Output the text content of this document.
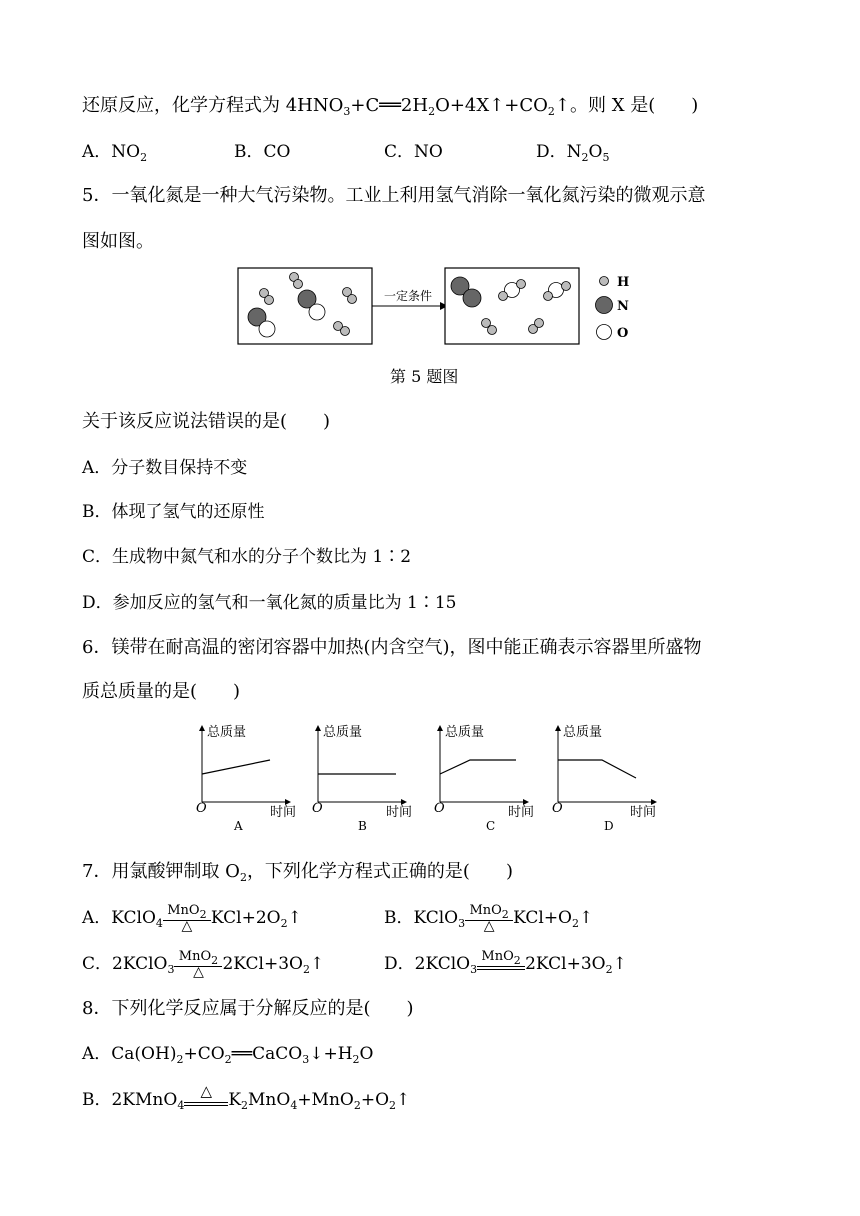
还原反应，化学方程式为 $4HNO_3+C══2H_2O+4X↑+CO_2↑$。则 X 是(　　)
A．$NO_2$	B．CO	C．NO	D．$N_2O_5$
5．一氧化氮是一种大气污染物。工业上利用氢气消除一氧化氮污染的微观示意
图如图。
一定条件
H
N
O
第 5 题图
关于该反应说法错误的是(　　)
A．分子数目保持不变
B．体现了氢气的还原性
C．生成物中氮气和水的分子个数比为 1∶2
D．参加反应的氢气和一氧化氮的质量比为 1∶15
6．镁带在耐高温的密闭容器中加热(内含空气)，图中能正确表示容器里所盛物
质总质量的是(　　)
总质量
时间
O
A
总质量
时间
O
B
总质量
时间
O
C
总质量
时间
O
D
7．用氯酸钾制取 $O_2$，下列化学方程式正确的是(　　)
A．KClO$_4$
MnO$_2$
△ $KCl+2O_2↑$	B．KClO$_3$
MnO$_2$
△ $KCl+O_2↑$
C．2KClO$_3$
MnO$_2$
△ $2KCl+3O_2↑$	D．2KClO$_3$
MnO$_2$ $2KCl+3O_2↑$
8．下列化学反应属于分解反应的是(　　)
A．$Ca(OH)_2+CO_2══CaCO_3↓+H_2O$
B．2KMnO$_4$
△ $K_2MnO_4+MnO_2+O_2↑$
